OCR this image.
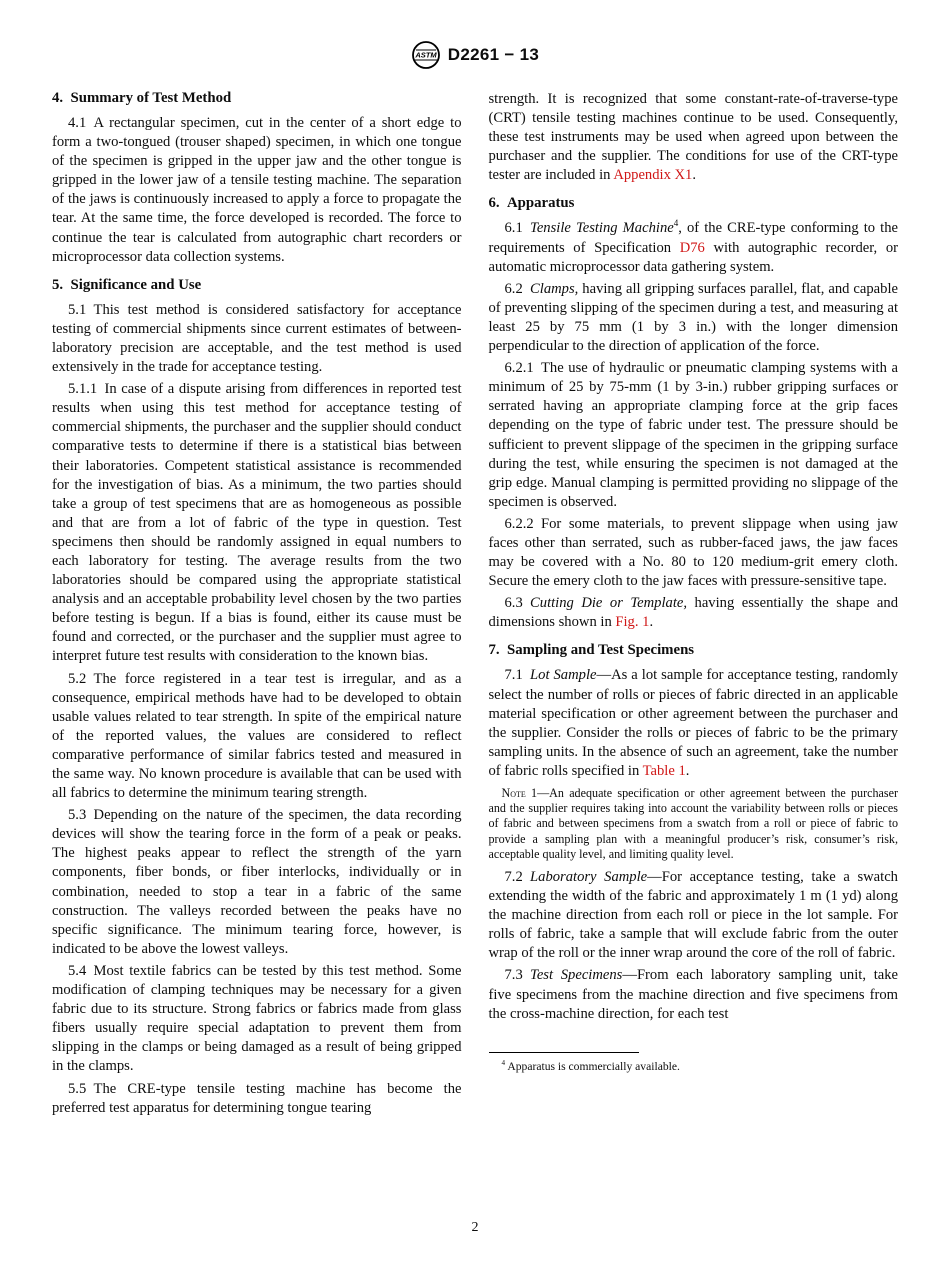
ASTM D2261 − 13
4.  Summary of Test Method

4.1 A rectangular specimen, cut in the center of a short edge to form a two-tongued (trouser shaped) specimen, in which one tongue of the specimen is gripped in the upper jaw and the other tongue is gripped in the lower jaw of a tensile testing machine. The separation of the jaws is continuously increased to apply a force to propagate the tear. At the same time, the force developed is recorded. The force to continue the tear is calculated from autographic chart recorders or microprocessor data collection systems.

5.  Significance and Use

5.1 This test method is considered satisfactory for acceptance testing of commercial shipments since current estimates of between-laboratory precision are acceptable, and the test method is used extensively in the trade for acceptance testing.

5.1.1 In case of a dispute arising from differences in reported test results when using this test method for acceptance testing of commercial shipments, the purchaser and the supplier should conduct comparative tests to determine if there is a statistical bias between their laboratories. Competent statistical assistance is recommended for the investigation of bias. As a minimum, the two parties should take a group of test specimens that are as homogeneous as possible and that are from a lot of fabric of the type in question. Test specimens then should be randomly assigned in equal numbers to each laboratory for testing. The average results from the two laboratories should be compared using the appropriate statistical analysis and an acceptable probability level chosen by the two parties before testing is begun. If a bias is found, either its cause must be found and corrected, or the purchaser and the supplier must agree to interpret future test results with consideration to the known bias.

5.2 The force registered in a tear test is irregular, and as a consequence, empirical methods have had to be developed to obtain usable values related to tear strength. In spite of the empirical nature of the reported values, the values are considered to reflect comparative performance of similar fabrics tested and measured in the same way. No known procedure is available that can be used with all fabrics to determine the minimum tearing strength.

5.3 Depending on the nature of the specimen, the data recording devices will show the tearing force in the form of a peak or peaks. The highest peaks appear to reflect the strength of the yarn components, fiber bonds, or fiber interlocks, individually or in combination, needed to stop a tear in a fabric of the same construction. The valleys recorded between the peaks have no specific significance. The minimum tearing force, however, is indicated to be above the lowest valleys.

5.4 Most textile fabrics can be tested by this test method. Some modification of clamping techniques may be necessary for a given fabric due to its structure. Strong fabrics or fabrics made from glass fibers usually require special adaptation to prevent them from slipping in the clamps or being damaged as a result of being gripped in the clamps.

5.5 The CRE-type tensile testing machine has become the preferred test apparatus for determining tongue tearing

strength. It is recognized that some constant-rate-of-traverse-type (CRT) tensile testing machines continue to be used. Consequently, these test instruments may be used when agreed upon between the purchaser and the supplier. The conditions for use of the CRT-type tester are included in Appendix X1.

6.  Apparatus

6.1 Tensile Testing Machine$^4$, of the CRE-type conforming to the requirements of Specification D76 with autographic recorder, or automatic microprocessor data gathering system.

6.2 Clamps, having all gripping surfaces parallel, flat, and capable of preventing slipping of the specimen during a test, and measuring at least 25 by 75 mm (1 by 3 in.) with the longer dimension perpendicular to the direction of application of the force.

6.2.1 The use of hydraulic or pneumatic clamping systems with a minimum of 25 by 75-mm (1 by 3-in.) rubber gripping surfaces or serrated having an appropriate clamping force at the grip faces depending on the type of fabric under test. The pressure should be sufficient to prevent slippage of the specimen in the gripping surface during the test, while ensuring the specimen is not damaged at the grip edge. Manual clamping is permitted providing no slippage of the specimen is observed.

6.2.2 For some materials, to prevent slippage when using jaw faces other than serrated, such as rubber-faced jaws, the jaw faces may be covered with a No. 80 to 120 medium-grit emery cloth. Secure the emery cloth to the jaw faces with pressure-sensitive tape.

6.3 Cutting Die or Template, having essentially the shape and dimensions shown in Fig. 1.

7.  Sampling and Test Specimens

7.1 Lot Sample—As a lot sample for acceptance testing, randomly select the number of rolls or pieces of fabric directed in an applicable material specification or other agreement between the purchaser and the supplier. Consider the rolls or pieces of fabric to be the primary sampling units. In the absence of such an agreement, take the number of fabric rolls specified in Table 1.

Note 1—An adequate specification or other agreement between the purchaser and the supplier requires taking into account the variability between rolls or pieces of fabric and between specimens from a swatch from a roll or piece of fabric to provide a sampling plan with a meaningful producer’s risk, consumer’s risk, acceptable quality level, and limiting quality level.

7.2 Laboratory Sample—For acceptance testing, take a swatch extending the width of the fabric and approximately 1 m (1 yd) along the machine direction from each roll or piece in the lot sample. For rolls of fabric, take a sample that will exclude fabric from the outer wrap of the roll or the inner wrap around the core of the roll of fabric.

7.3 Test Specimens—From each laboratory sampling unit, take five specimens from the machine direction and five specimens from the cross-machine direction, for each test

$^4$ Apparatus is commercially available.

2
